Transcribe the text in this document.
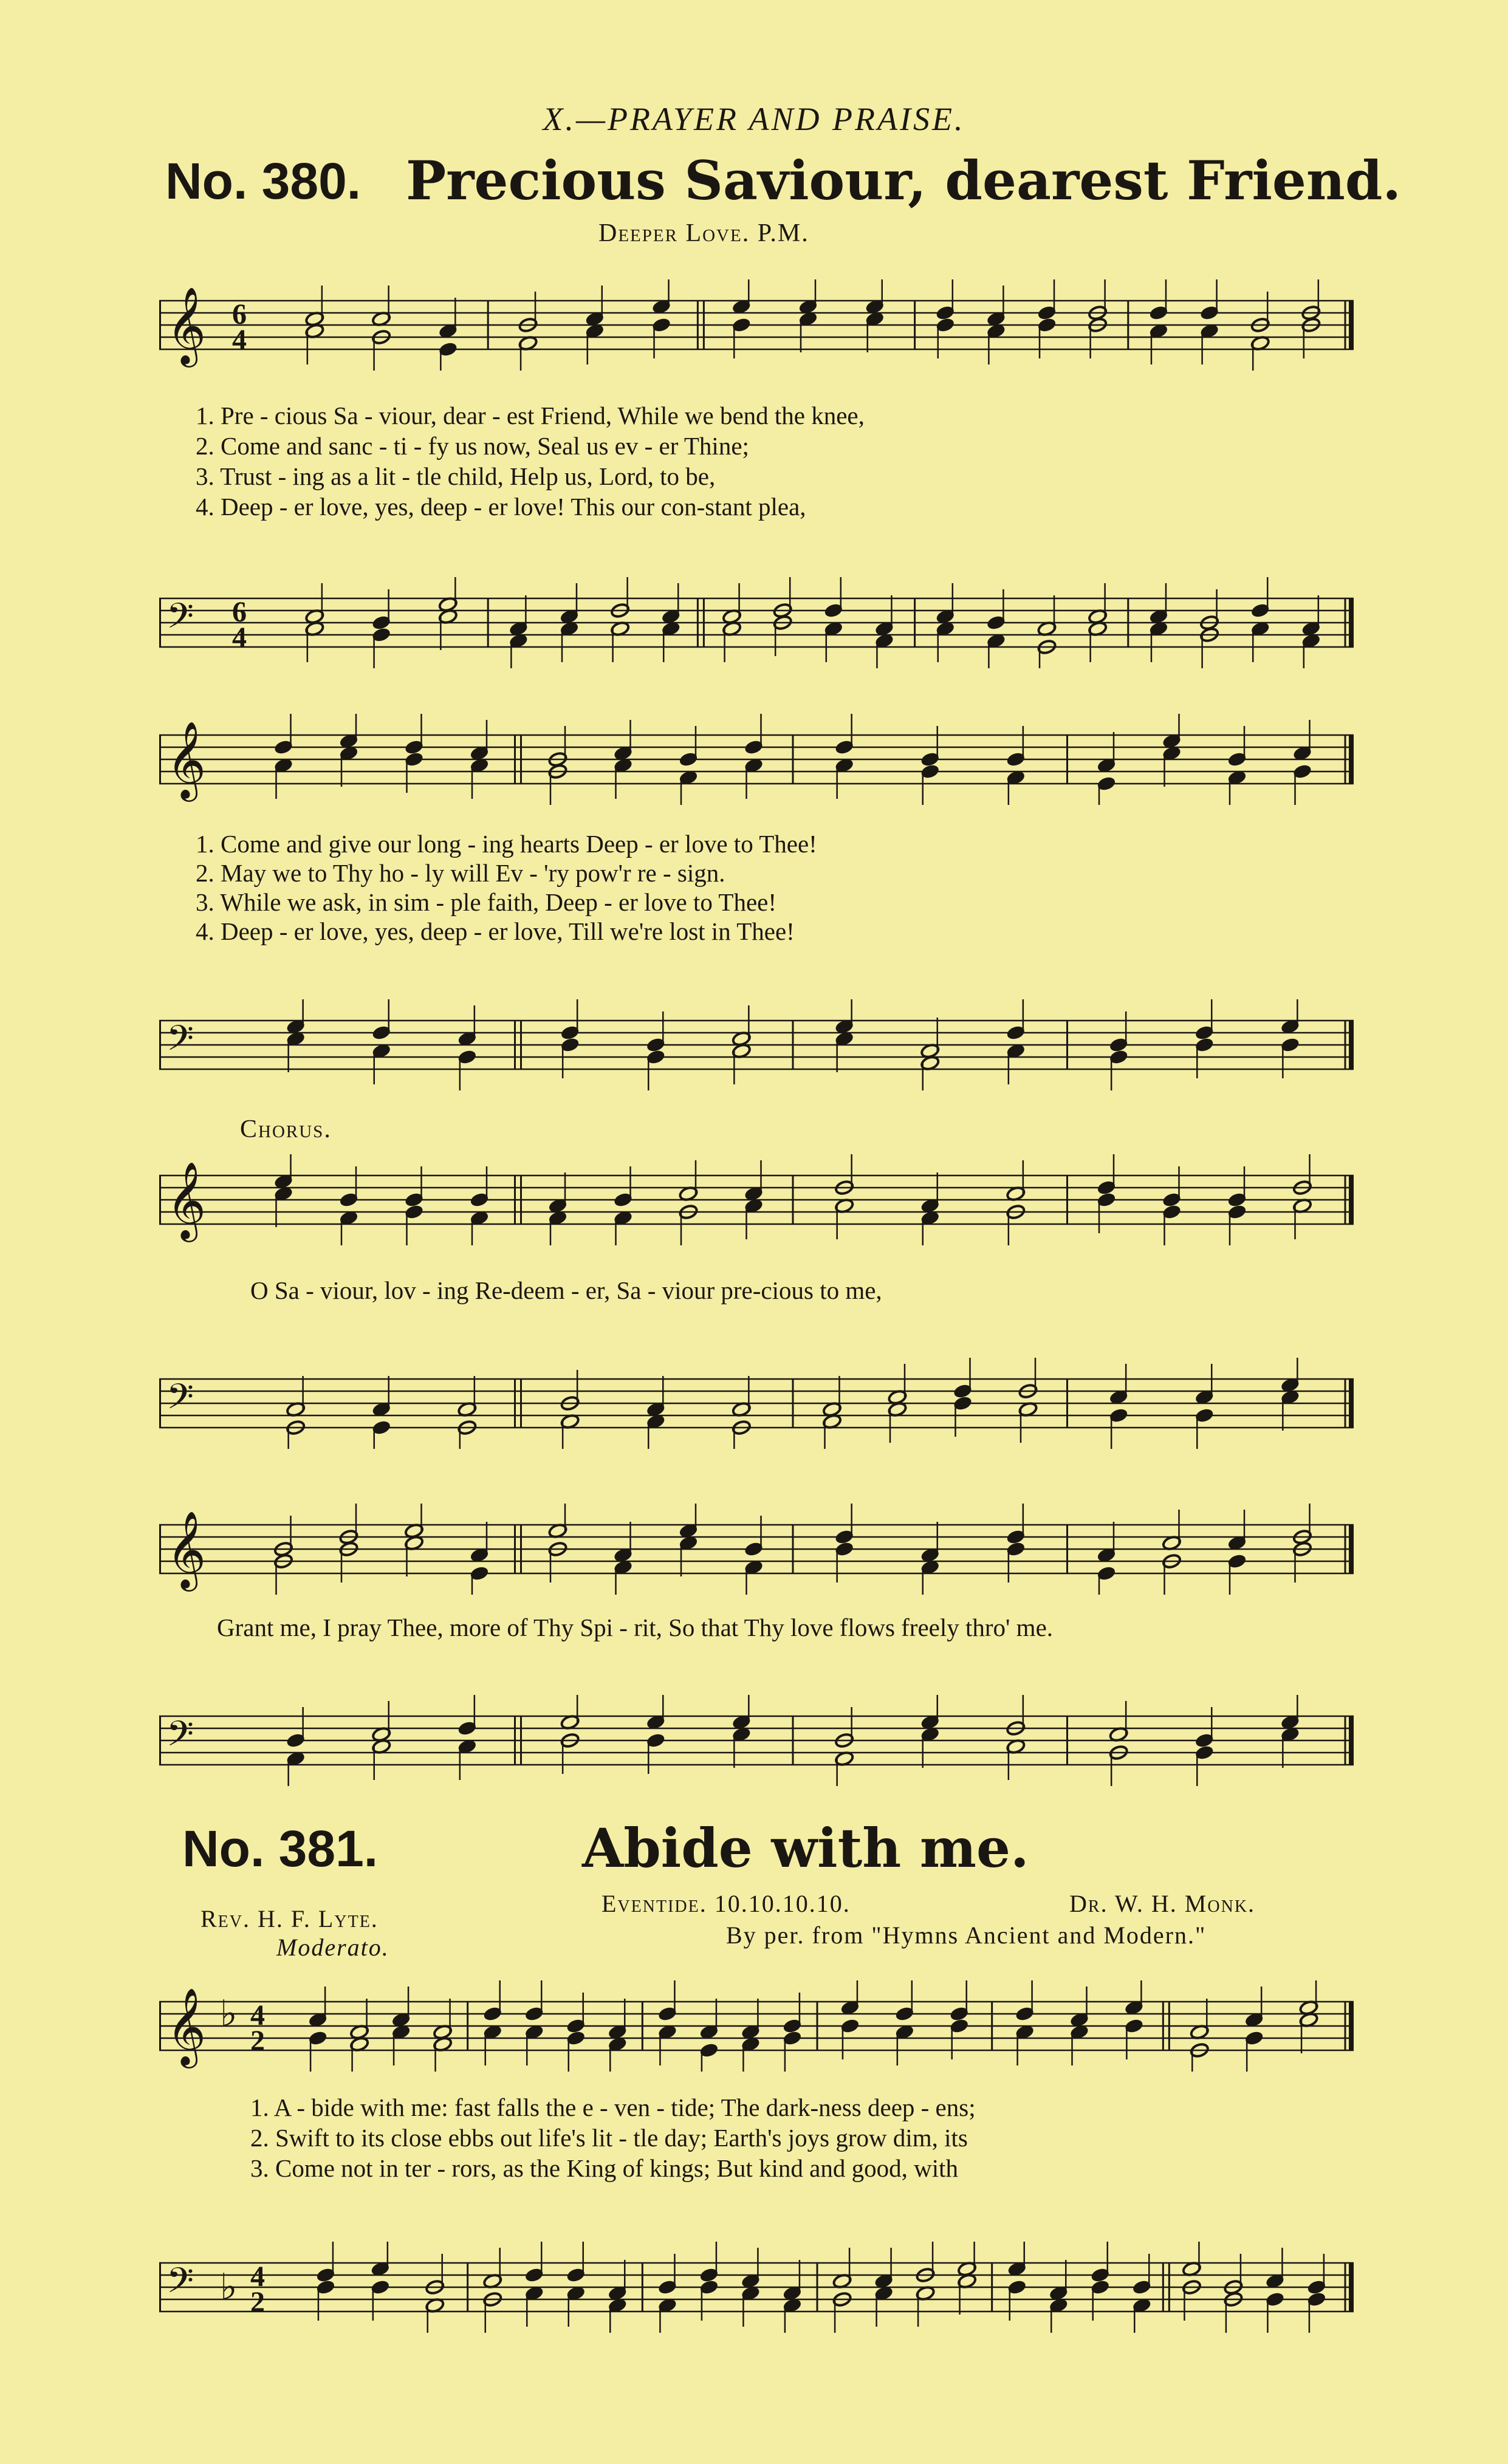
X.—PRAYER AND PRAISE.
No. 380. Precious Saviour, dearest Friend.
Deeper Love. P.M.
𝄞 6
4
1. Pre - cious Sa - viour, dear - est Friend, While we bend the knee,
2. Come and sanc - ti - fy us now, Seal us ev - er Thine;
3. Trust - ing as a lit - tle child, Help us, Lord, to be,
4. Deep - er love, yes, deep - er love! This our con-stant plea,
𝄢 6
4
𝄞
1. Come and give our long - ing hearts Deep - er love to Thee!
2. May we to Thy ho - ly will Ev - 'ry pow'r re - sign.
3. While we ask, in sim - ple faith, Deep - er love to Thee!
4. Deep - er love, yes, deep - er love, Till we're lost in Thee!
𝄢
Chorus.
𝄞
O Sa - viour, lov - ing Re-deem - er, Sa - viour pre-cious to me,
𝄢
𝄞
Grant me, I pray Thee, more of Thy Spi - rit, So that Thy love flows freely thro' me.
𝄢
No. 381.	Abide with me.
Rev. H. F. Lyte.
Eventide. 10.10.10.10.	Dr. W. H. Monk.
By per. from "Hymns Ancient and Modern."
Moderato.
𝄞 ♭ 4
2
1. A - bide with me: fast falls the e - ven - tide; The dark-ness deep - ens;
2. Swift to its close ebbs out life's lit - tle day; Earth's joys grow dim, its
3. Come not in ter - rors, as the King of kings; But kind and good, with
𝄢 ♭ 4
2
